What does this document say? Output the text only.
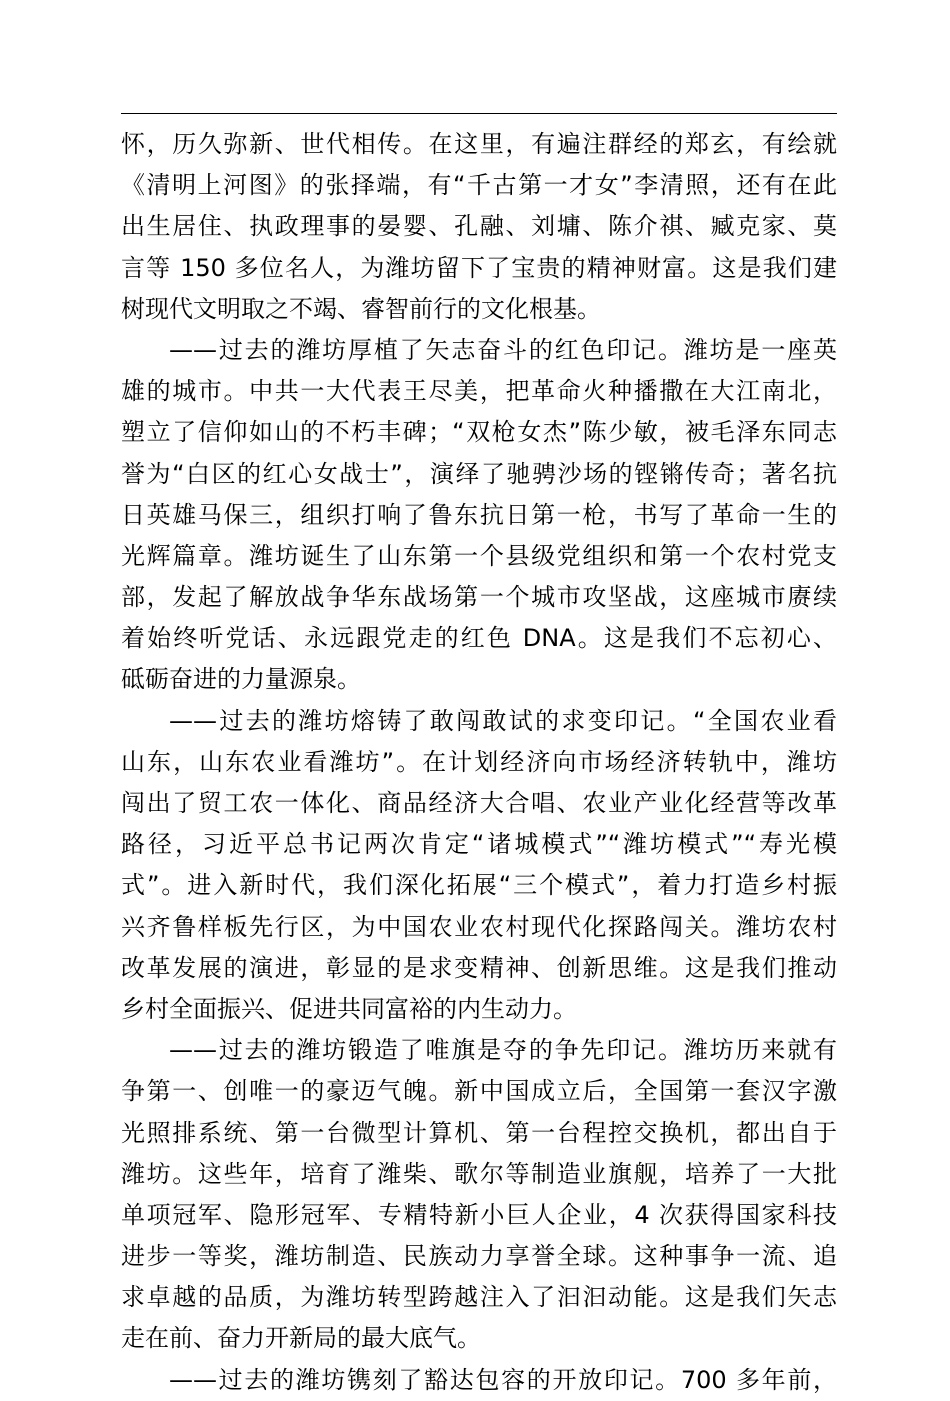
怀，历久弥新、世代相传。在这里，有遍注群经的郑玄，有绘就
《清明上河图》的张择端，有“千古第一才女”李清照，还有在此
出生居住、执政理事的晏婴、孔融、刘墉、陈介祺、臧克家、莫
言等 150 多位名人，为潍坊留下了宝贵的精神财富。这是我们建
树现代文明取之不竭、睿智前行的文化根基。
——过去的潍坊厚植了矢志奋斗的红色印记。潍坊是一座英
雄的城市。中共一大代表王尽美，把革命火种播撒在大江南北，
塑立了信仰如山的不朽丰碑；“双枪女杰”陈少敏，被毛泽东同志
誉为“白区的红心女战士”，演绎了驰骋沙场的铿锵传奇；著名抗
日英雄马保三，组织打响了鲁东抗日第一枪，书写了革命一生的
光辉篇章。潍坊诞生了山东第一个县级党组织和第一个农村党支
部，发起了解放战争华东战场第一个城市攻坚战，这座城市赓续
着始终听党话、永远跟党走的红色 DNA。这是我们不忘初心、
砥砺奋进的力量源泉。
——过去的潍坊熔铸了敢闯敢试的求变印记。“全国农业看
山东，山东农业看潍坊”。在计划经济向市场经济转轨中，潍坊
闯出了贸工农一体化、商品经济大合唱、农业产业化经营等改革
路径，习近平总书记两次肯定“诸城模式”“潍坊模式”“寿光模
式”。进入新时代，我们深化拓展“三个模式”，着力打造乡村振
兴齐鲁样板先行区，为中国农业农村现代化探路闯关。潍坊农村
改革发展的演进，彰显的是求变精神、创新思维。这是我们推动
乡村全面振兴、促进共同富裕的内生动力。
——过去的潍坊锻造了唯旗是夺的争先印记。潍坊历来就有
争第一、创唯一的豪迈气魄。新中国成立后，全国第一套汉字激
光照排系统、第一台微型计算机、第一台程控交换机，都出自于
潍坊。这些年，培育了潍柴、歌尔等制造业旗舰，培养了一大批
单项冠军、隐形冠军、专精特新小巨人企业，4 次获得国家科技
进步一等奖，潍坊制造、民族动力享誉全球。这种事争一流、追
求卓越的品质，为潍坊转型跨越注入了汩汩动能。这是我们矢志
走在前、奋力开新局的最大底气。
——过去的潍坊镌刻了豁达包容的开放印记。700 多年前，
